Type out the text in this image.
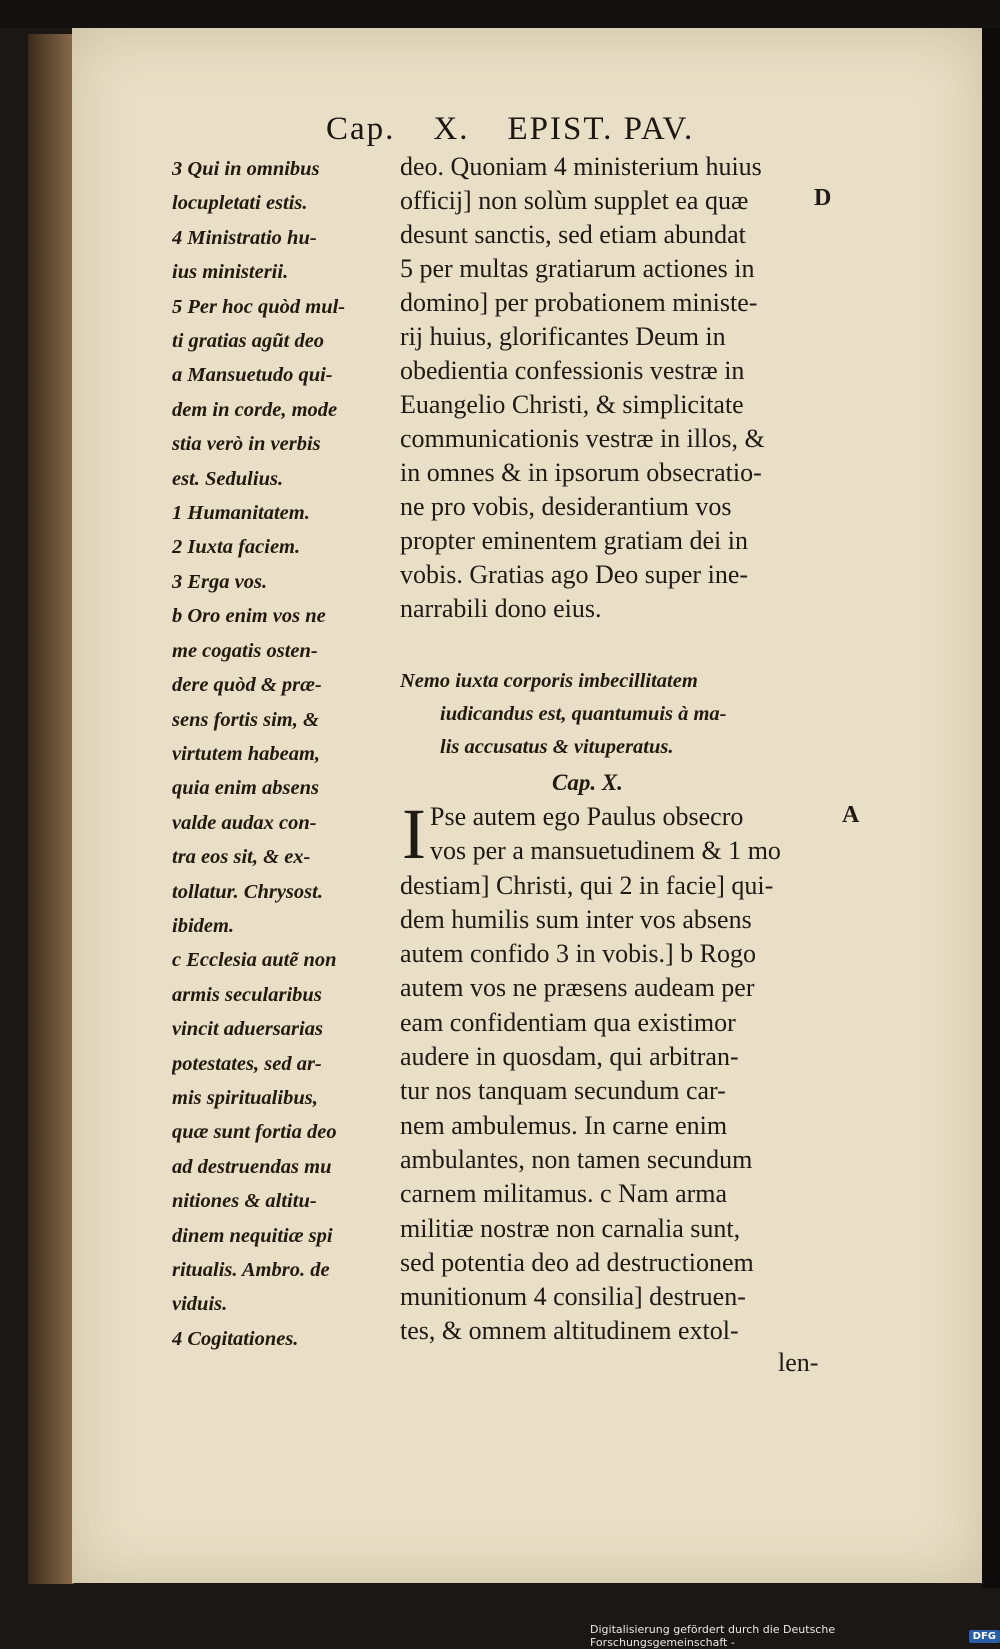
Cap. X. EPIST. PAV.
3 Qui in omnibus
locupletati estis.
4 Ministratio hu-
ius ministerii.
5 Per hoc quòd mul-
ti gratias agũt deo
a Mansuetudo qui-
dem in corde, mode
stia verò in verbis
est. Sedulius.
1 Humanitatem.
2 Iuxta faciem.
3 Erga vos.
b Oro enim vos ne
me cogatis osten-
dere quòd & præ-
sens fortis sim, &
virtutem habeam,
quia enim absens
valde audax con-
tra eos sit, & ex-
tollatur. Chrysost.
ibidem.
c Ecclesia autẽ non
armis secularibus
vincit aduersarias
potestates, sed ar-
mis spiritualibus,
quæ sunt fortia deo
ad destruendas mu
nitiones & altitu-
dinem nequitiæ spi
ritualis. Ambro. de
viduis.
4 Cogitationes.
deo. Quoniam 4 ministerium huius
officij] non solùm supplet ea quæ
desunt sanctis, sed etiam abundat
5 per multas gratiarum actiones in
domino] per probationem ministe-
rij huius, glorificantes Deum in
obedientia confessionis vestræ in
Euangelio Christi, & simplicitate
communicationis vestræ in illos, &
in omnes & in ipsorum obsecratio-
ne pro vobis, desiderantium vos
propter eminentem gratiam dei in
vobis. Gratias ago Deo super ine-
narrabili dono eius.
D
Nemo iuxta corporis imbecillitatem
iudicandus est, quantumuis à ma-
lis accusatus & vituperatus.
Cap. X.
I Pse autem ego Paulus obsecro
vos per a mansuetudinem & 1 mo
destiam] Christi, qui 2 in facie] qui-
dem humilis sum inter vos absens
autem confido 3 in vobis.] b Rogo
autem vos ne præsens audeam per
eam confidentiam qua existimor
audere in quosdam, qui arbitran-
tur nos tanquam secundum car-
nem ambulemus. In carne enim
ambulantes, non tamen secundum
carnem militamus. c Nam arma
militiæ nostræ non carnalia sunt,
sed potentia deo ad destructionem
munitionum 4 consilia] destruen-
tes, & omnem altitudinem extol-
A
len-
Digitalisierung gefördert durch die Deutsche Forschungsgemeinschaft -	DFG
